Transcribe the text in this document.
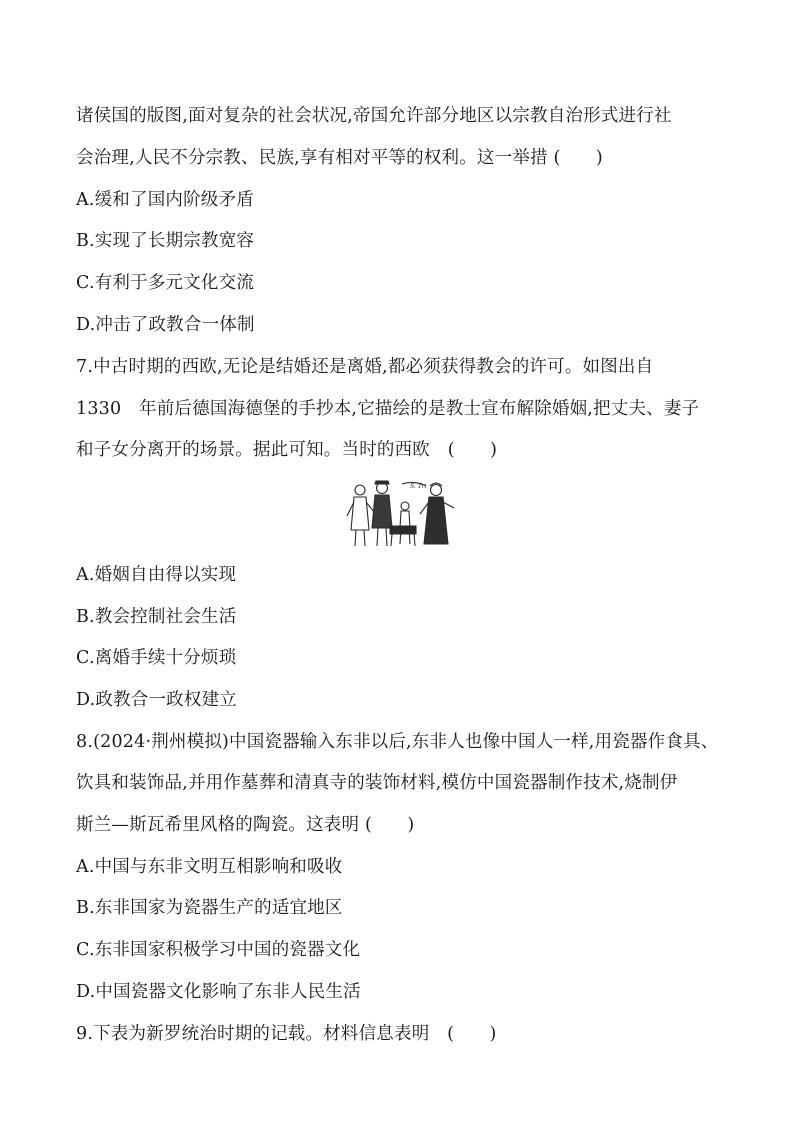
诸侯国的版图,面对复杂的社会状况,帝国允许部分地区以宗教自治形式进行社
会治理,人民不分宗教、民族,享有相对平等的权利。这一举措 (　　)
A.缓和了国内阶级矛盾
B.实现了长期宗教宽容
C.有利于多元文化交流
D.冲击了政教合一体制
7.中古时期的西欧,无论是结婚还是离婚,都必须获得教会的许可。如图出自
1330　年前后德国海德堡的手抄本,它描绘的是教士宣布解除婚姻,把丈夫、妻子
和子女分离开的场景。据此可知。当时的西欧　(　　)
S. Tri
A.婚姻自由得以实现
B.教会控制社会生活
C.离婚手续十分烦琐
D.政教合一政权建立
8.(2024·荆州模拟)中国瓷器输入东非以后,东非人也像中国人一样,用瓷器作食具、
饮具和装饰品,并用作墓葬和清真寺的装饰材料,模仿中国瓷器制作技术,烧制伊
斯兰—斯瓦希里风格的陶瓷。这表明 (　　)
A.中国与东非文明互相影响和吸收
B.东非国家为瓷器生产的适宜地区
C.东非国家积极学习中国的瓷器文化
D.中国瓷器文化影响了东非人民生活
9.下表为新罗统治时期的记载。材料信息表明　(　　)
